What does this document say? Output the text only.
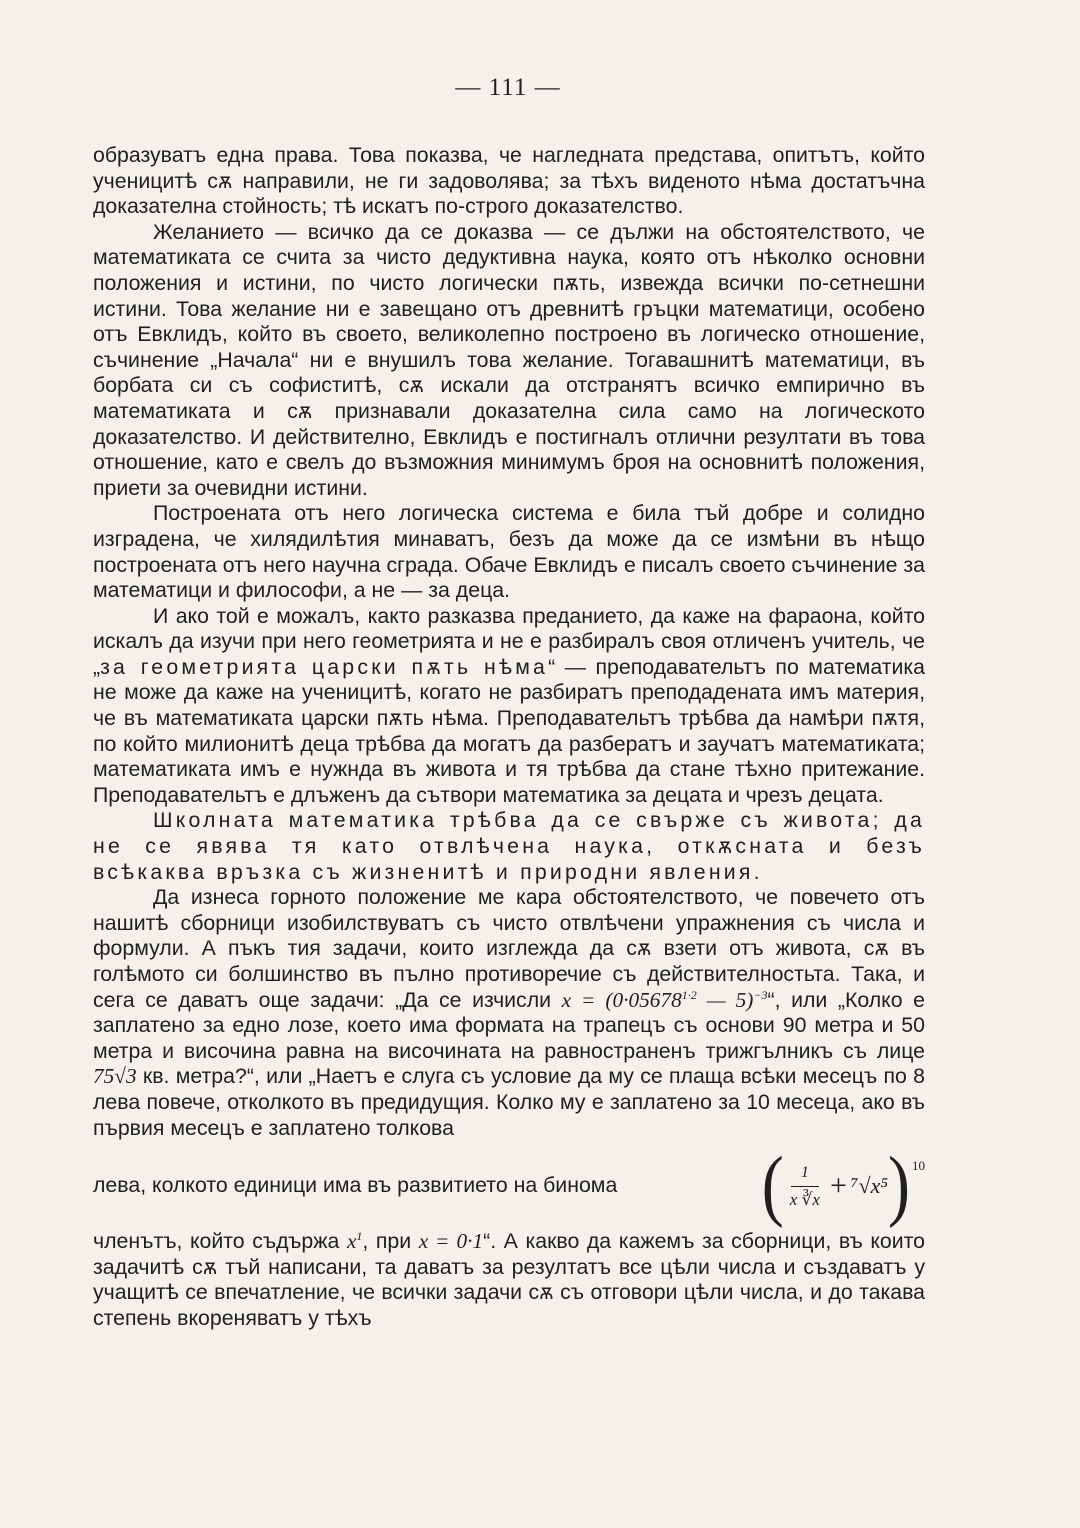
— 111 —

образуватъ една права. Това показва, че нагледната представа, опитътъ, който ученицитѣ сѫ направили, не ги задоволява; за тѣхъ виденото нѣма достатъчна доказателна стойность; тѣ искатъ по-строго доказателство.

Желанието — всичко да се доказва — се дължи на обстоятелството, че математиката се счита за чисто дедуктивна наука, която отъ нѣколко основни положения и истини, по чисто логически пѫть, извежда всички по-сетнешни истини. Това желание ни е завещано отъ древнитѣ гръцки математици, особено отъ Евклидъ, който въ своето, великолепно построено въ логическо отношение, съчинение „Начала“ ни е внушилъ това желание. Тогавашнитѣ математици, въ борбата си съ софиститѣ, сѫ искали да отстранятъ всичко емпирично въ математиката и сѫ признавали доказателна сила само на логическото доказателство. И действително, Евклидъ е постигналъ отлични резултати въ това отношение, като е свелъ до възможния минимумъ броя на основнитѣ положения, приети за очевидни истини.

Построената отъ него логическа система е била тъй добре и солидно изградена, че хилядилѣтия минаватъ, безъ да може да се измѣни въ нѣщо построената отъ него научна сграда. Обаче Евклидъ е писалъ своето съчинение за математици и философи, а не — за деца.

И ако той е можалъ, както разказва преданието, да каже на фараона, който искалъ да изучи при него геометрията и не е разбиралъ своя отличенъ учитель, че „за геометрията царски пѫть нѣма“ — преподавательтъ по математика не може да каже на ученицитѣ, когато не разбиратъ преподадената имъ материя, че въ математиката царски пѫть нѣма. Преподавательтъ трѣбва да намѣри пѫтя, по който милионитѣ деца трѣбва да могатъ да разбератъ и заучатъ математиката; математиката имъ е нужнда въ живота и тя трѣбва да стане тѣхно притежание. Преподавательтъ е длъженъ да сътвори математика за децата и чрезъ децата.

Школната математика трѣбва да се свърже съ живота; да не се явява тя като отвлѣчена наука, откѫсната и безъ всѣкаква връзка съ жизненитѣ и природни явления.

Да изнеса горното положение ме кара обстоятелството, че повечето отъ нашитѣ сборници изобилствуватъ съ чисто отвлѣчени упражнения съ числа и формули. А пъкъ тия задачи, които изглежда да сѫ взети отъ живота, сѫ въ голѣмото си болшинство въ пълно противоречие съ действителностьта. Така, и сега се даватъ още задачи: „Да се изчисли $x = (0\cdot 05678^{1\cdot 2}$ — 5)$^{-3}$“, или „Колко е заплатено за едно лозе, което има формата на трапецъ съ основи 90 метра и 50 метра и височина равна на височината на равностраненъ трижгълникъ съ лице 75√3 кв. метра?“, или „Наетъ е слуга съ условие да му се плаща всѣки месецъ по 8 лева повече, отколкото въ предидущия. Колко му е заплатено за 10 месеца, ако въ първия месецъ е заплатено толкова

лева, колкото единици има въ развитието на бинома ( $\frac{1}{x ∛x} + ^7√x^5$ ) 10

членътъ, който съдържа $x^1$, при x = 0·1“. А какво да кажемъ за сборници, въ които задачитѣ сѫ тъй написани, та даватъ за резултатъ все цѣли числа и създаватъ у учащитѣ се впечатление, че всички задачи сѫ съ отговори цѣли числа, и до такава степень вкореняватъ у тѣхъ
